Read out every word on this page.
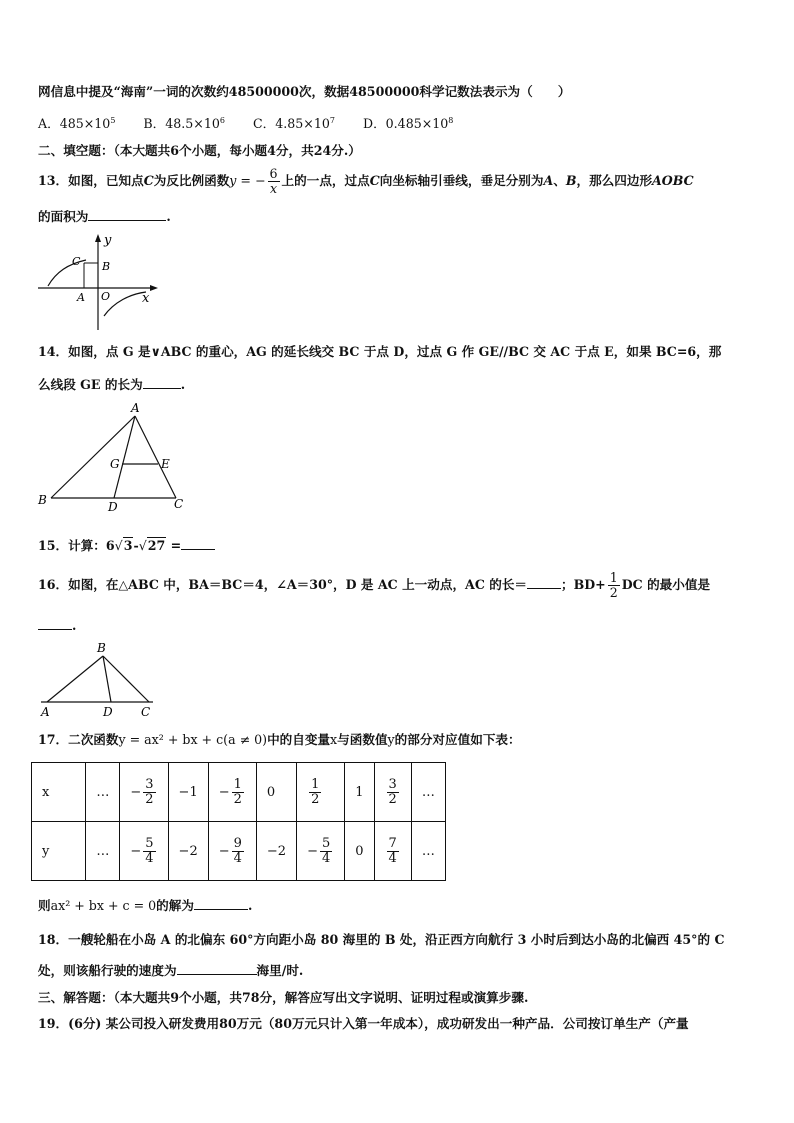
网信息中提及“海南”一词的次数约48500000次，数据48500000科学记数法表示为（　　）
A．$485\times 10^5$ B．$48.5\times 10^6$ C．$4.85\times 10^7$ D．$0.485\times 10^8$
二、填空题：（本大题共6个小题，每小题4分，共24分.）
13．如图，已知点C为反比例函数y = − $\frac{6}{x}$ 上的一点，过点C向坐标轴引垂线，垂足分别为A、B，那么四边形AOBC
的面积为	.
y
x
C B
A O
14．如图，点 G 是∨ABC 的重心，AG 的延长线交 BC 于点 D，过点 G 作 GE//BC 交 AC 于点 E，如果 BC=6，那
么线段 GE 的长为	.
A
B	C
D
G	E
15．计算：6√3-√27 =
16．如图，在△ABC 中，BA＝BC＝4，∠A＝30°，D 是 AC 上一动点，AC 的长＝	；$BD+ \frac{1}{2}$ DC 的最小值是
.
B
A	D C
17．二次函数y = ax² + bx + c(a ≠ 0)中的自变量x与函数值y的部分对应值如下表：
x	…	− $\frac{3}{2}$	−1	− $\frac{1}{2}$	0	$\frac{1}{2}$	1	$\frac{3}{2}$	…
y	…	− $\frac{5}{4}$	−2	− $\frac{9}{4}$	−2	− $\frac{5}{4}$	0	$\frac{7}{4}$	…
则ax² + bx + c = 0的解为	.
18．一艘轮船在小岛 A 的北偏东 60°方向距小岛 80 海里的 B 处，沿正西方向航行 3 小时后到达小岛的北偏西 45°的 C
处，则该船行驶的速度为	海里/时.
三、解答题：（本大题共9个小题，共78分，解答应写出文字说明、证明过程或演算步骤.
19．(6分) 某公司投入研发费用80万元（80万元只计入第一年成本），成功研发出一种产品．公司按订单生产（产量
